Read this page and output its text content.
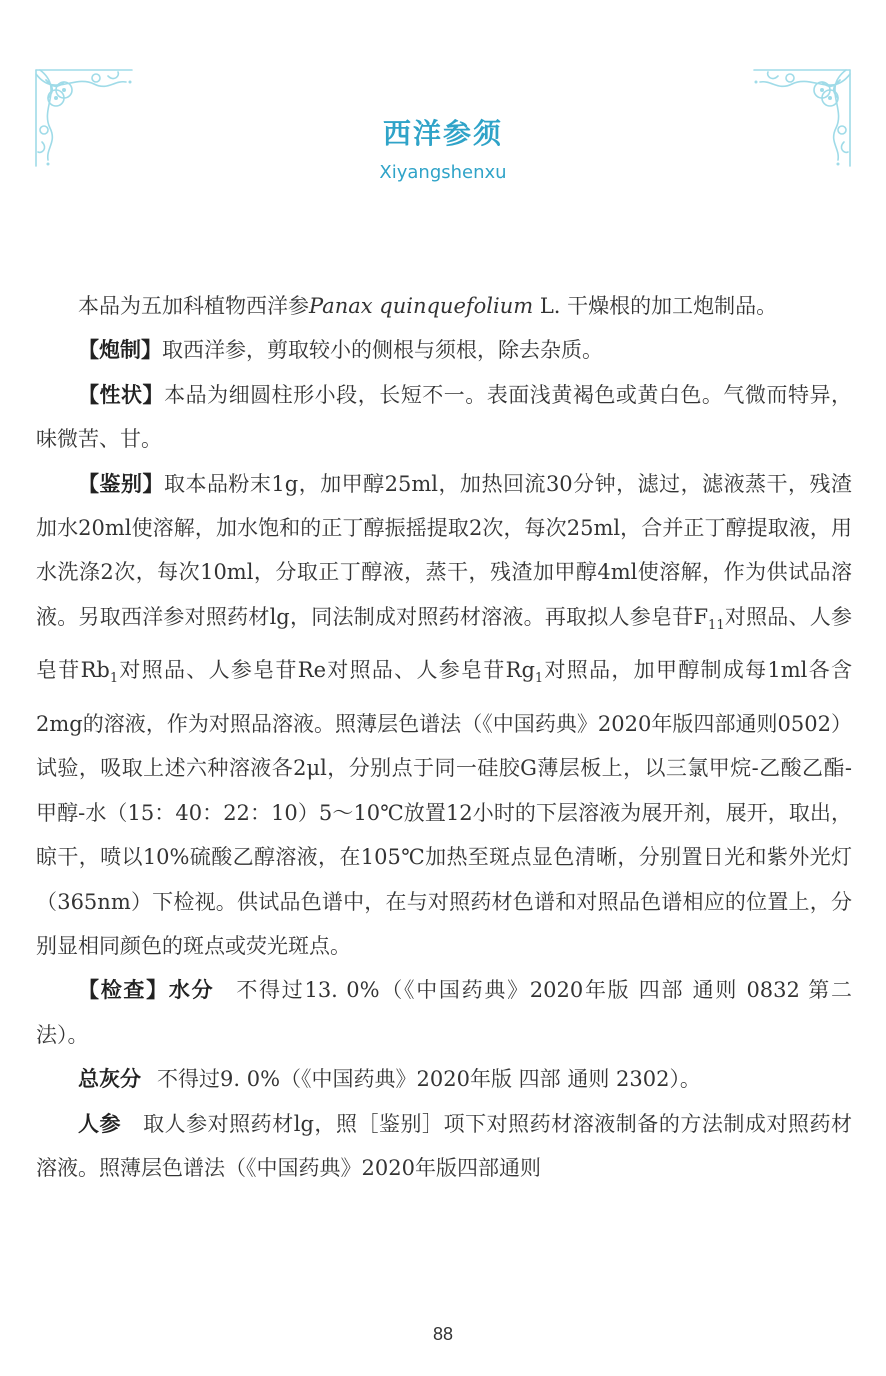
西洋参须
Xiyangshenxu

本品为五加科植物西洋参Panax quinquefolium L. 干燥根的加工炮制品。

【炮制】取西洋参，剪取较小的侧根与须根，除去杂质。

【性状】本品为细圆柱形小段，长短不一。表面浅黄褐色或黄白色。气微而特异，味微苦、甘。

【鉴别】取本品粉末1g，加甲醇25ml，加热回流30分钟，滤过，滤液蒸干，残渣加水20ml使溶解，加水饱和的正丁醇振摇提取2次，每次25ml，合并正丁醇提取液，用水洗涤2次，每次10ml，分取正丁醇液，蒸干，残渣加甲醇4ml使溶解，作为供试品溶液。另取西洋参对照药材lg，同法制成对照药材溶液。再取拟人参皂苷$F_{11}$对照品、人参皂苷$Rb_1$对照品、人参皂苷Re对照品、人参皂苷$Rg_1$对照品，加甲醇制成每1ml各含2mg的溶液，作为对照品溶液。照薄层色谱法（《中国药典》2020年版四部通则0502）试验，吸取上述六种溶液各2μl，分别点于同一硅胶G薄层板上，以三氯甲烷-乙酸乙酯-甲醇-水（15：40：22：10）5～10℃放置12小时的下层溶液为展开剂，展开，取出，晾干，喷以10%硫酸乙醇溶液，在105℃加热至斑点显色清晰，分别置日光和紫外光灯（365nm）下检视。供试品色谱中，在与对照药材色谱和对照品色谱相应的位置上，分别显相同颜色的斑点或荧光斑点。

【检查】水分 不得过13. 0%（《中国药典》2020年版 四部 通则 0832 第二法）。

总灰分 不得过9. 0%（《中国药典》2020年版 四部 通则 2302）。

人参 取人参对照药材lg，照［鉴别］项下对照药材溶液制备的方法制成对照药材溶液。照薄层色谱法（《中国药典》2020年版四部通则

88
